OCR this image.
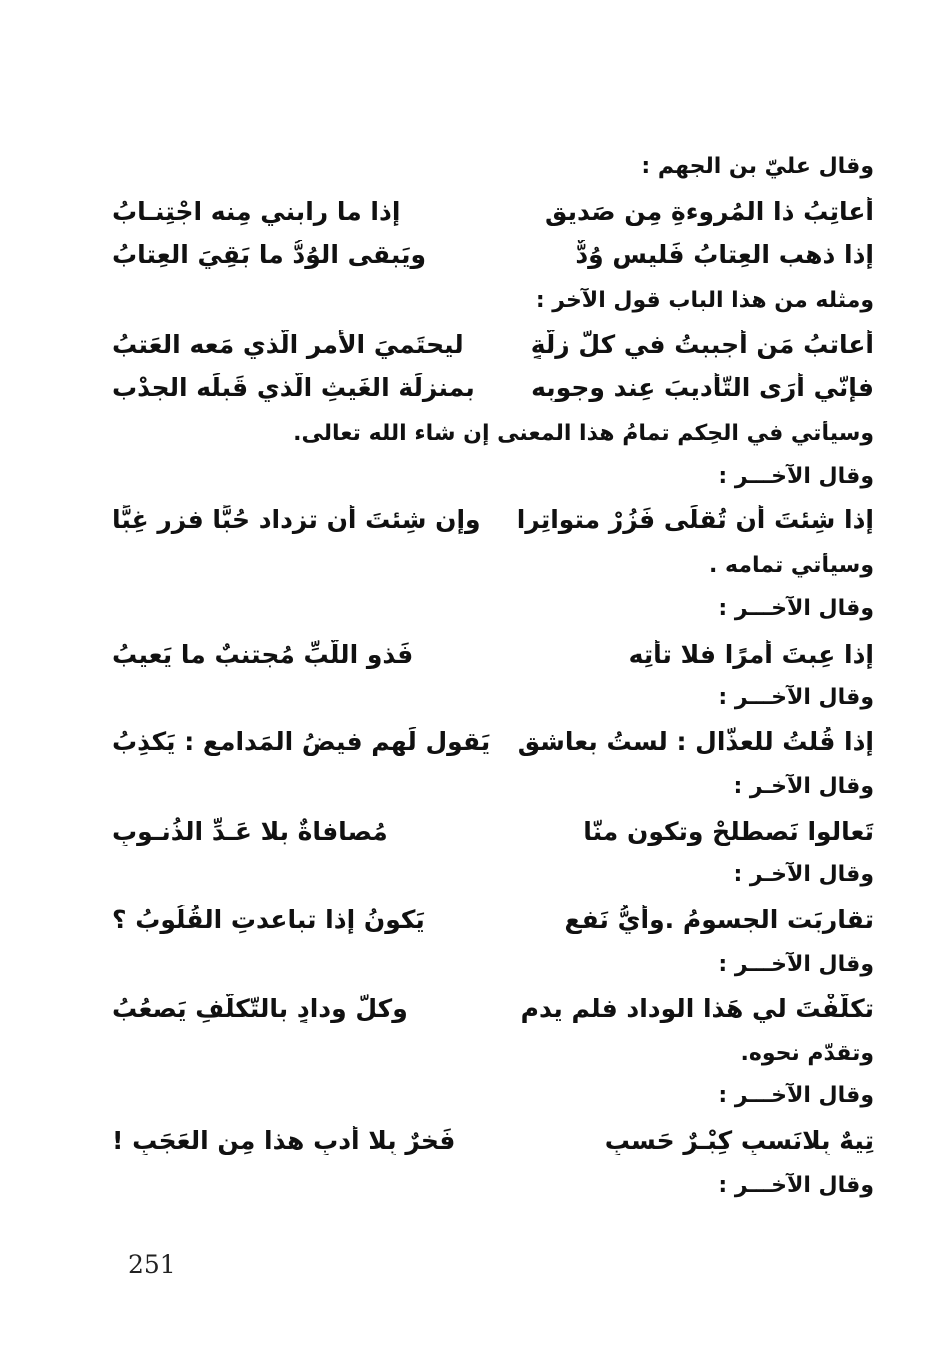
وقال عليّ بن الجهم :
أعاتِبُ ذا المُروءةِ مِن صَديقٍ
إذا ما رابني مِنه اجْتِنـابُ
إذا ذهب العِتابُ فَليس وُدٌّ
ويَبقى الوُدُّ ما بَقِيَ العِتابُ
ومثله من هذا الباب قول الآخر :
أُعاتبُ مَن أجببتُ في كلّ زلّةٍ
ليحتَميَ الأمر الّذي مَعه العَتبُ
فإنّي أرَى التّأديبَ عِند وجوبِه
بمنزلَة الغَيثِ الّذي قَبلَه الجدْب
وسيأتي في الحِكم تمامُ هذا المعنى إن شاء الله تعالى.
وقال الآخـــر :
إذا شِئتَ أن تُقلَى فَزُرْ متواتِرا
وإن شِئتَ أن تزداد حُبًّا فزر غِبًّا
وسيأتي تمامه .
وقال الآخـــر :
إذا عِبتَ أمرًا فلا تأتِه
فَذو اللّبِّ مُجتنبٌ ما يَعيبُ
وقال الآخـــر :
إذا قُلتُ للعذّال : لستُ بعاشقٍ
يَقول لَهم فيضُ المَدامع : يَكذِبُ
وقال الآخـر :
تَعالوا نَصطلحْ وتكون منّا
مُصافاةٌ بلا عَـدِّ الذُنـوبِ
وقال الآخـر :
تقاربَت الجسومُ .وأيُّ نَفعٍ
يَكونُ إذا تباعدتِ القُلُوبُ ؟
وقال الآخـــر :
تكلّفْتَ لي هَذا الوداد فلم يدم
وكلُّ ودادٍ بالتّكلُّفِ يَصعُبُ
وتقدّم نحوه.
وقال الآخـــر :
تِيهٌ بِلانَسبٍ كِبْـرٌ حَسبٍ
فَخرٌ بِلا أدبٍ هذا مِن العَجَبِ !
وقال الآخـــر :
251
